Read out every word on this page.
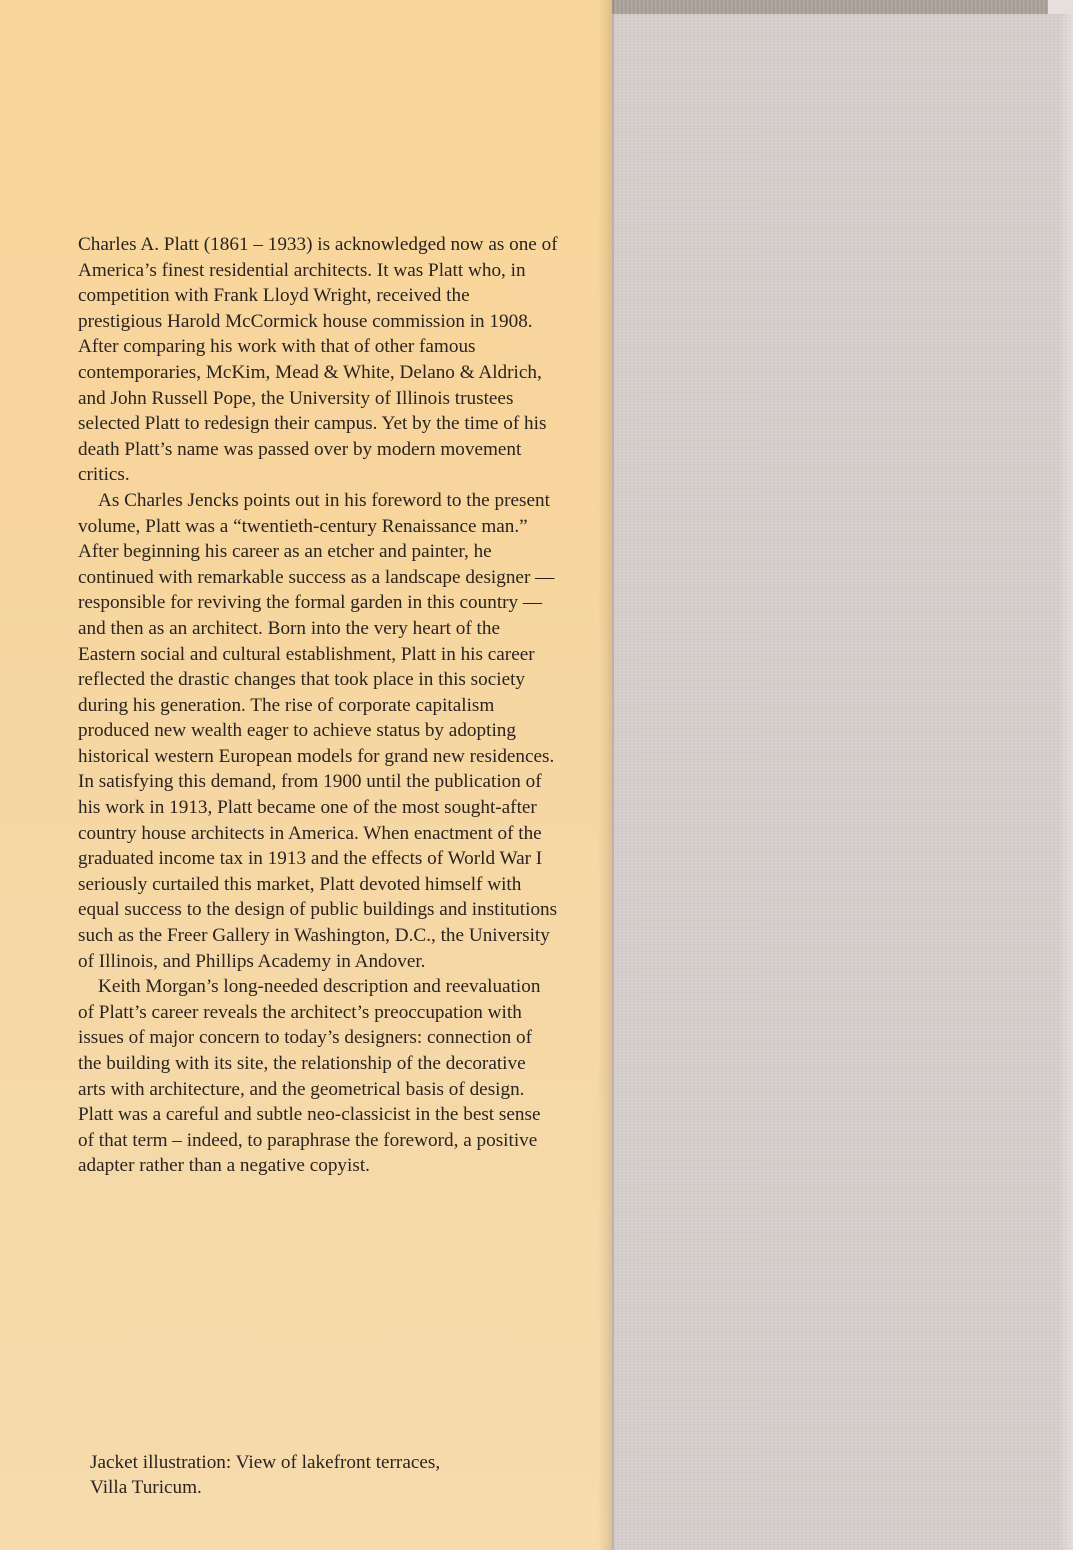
Charles A. Platt (1861 – 1933) is acknowledged now as one of America’s finest residential architects. It was Platt who, in competition with Frank Lloyd Wright, received the prestigious Harold McCormick house commission in 1908. After comparing his work with that of other famous contemporaries, McKim, Mead & White, Delano & Aldrich, and John Russell Pope, the University of Illinois trustees selected Platt to redesign their campus. Yet by the time of his death Platt’s name was passed over by modern movement critics.

As Charles Jencks points out in his foreword to the present volume, Platt was a “twentieth-century Renaissance man.” After beginning his career as an etcher and painter, he continued with remarkable success as a landscape designer — responsible for reviving the formal garden in this country — and then as an architect. Born into the very heart of the Eastern social and cultural establishment, Platt in his career reflected the drastic changes that took place in this society during his generation. The rise of corporate capitalism produced new wealth eager to achieve status by adopting historical western European models for grand new residences. In satisfying this demand, from 1900 until the publication of his work in 1913, Platt became one of the most sought-after country house architects in America. When enactment of the graduated income tax in 1913 and the effects of World War I seriously curtailed this market, Platt devoted himself with equal success to the design of public buildings and institutions such as the Freer Gallery in Washington, D.C., the University of Illinois, and Phillips Academy in Andover.

Keith Morgan’s long-needed description and reevaluation of Platt’s career reveals the architect’s preoccupation with issues of major concern to today’s designers: connection of the building with its site, the relationship of the decorative arts with architecture, and the geometrical basis of design. Platt was a careful and subtle neo-classicist in the best sense of that term – indeed, to paraphrase the foreword, a positive adapter rather than a negative copyist.

Jacket illustration: View of lakefront terraces,

Villa Turicum.
